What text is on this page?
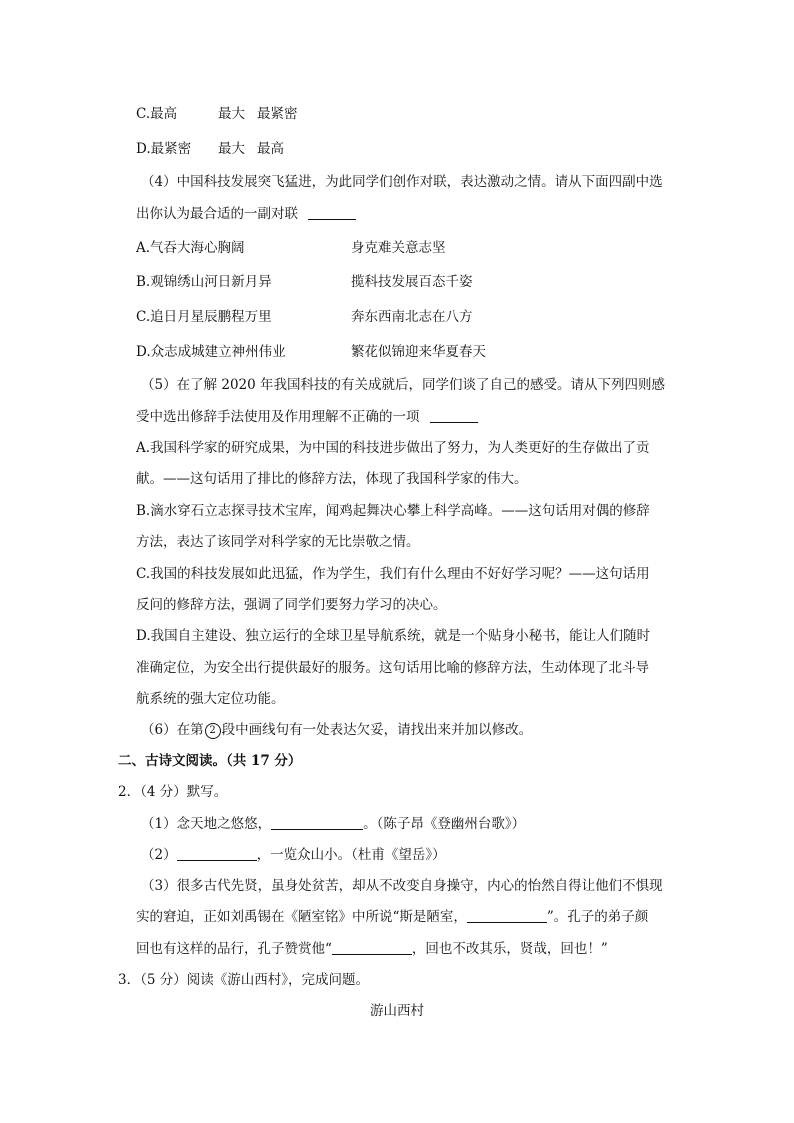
C.最高	最大 最紧密
D.最紧密 最大 最高
（4）中国科技发展突飞猛进，为此同学们创作对联，表达激动之情。请从下面四副中选
出你认为最合适的一副对联
A.气吞大海心胸阔	身克难关意志坚
B.观锦绣山河日新月异	揽科技发展百态千姿
C.追日月星辰鹏程万里	奔东西南北志在八方
D.众志成城建立神州伟业	繁花似锦迎来华夏春天
（5）在了解 2020 年我国科技的有关成就后，同学们谈了自己的感受。请从下列四则感
受中选出修辞手法使用及作用理解不正确的一项
A.我国科学家的研究成果，为中国的科技进步做出了努力，为人类更好的生存做出了贡
献。——这句话用了排比的修辞方法，体现了我国科学家的伟大。
B.滴水穿石立志探寻技术宝库，闻鸡起舞决心攀上科学高峰。——这句话用对偶的修辞
方法，表达了该同学对科学家的无比崇敬之情。
C.我国的科技发展如此迅猛，作为学生，我们有什么理由不好好学习呢？——这句话用
反问的修辞方法，强调了同学们要努力学习的决心。
D.我国自主建设、独立运行的全球卫星导航系统，就是一个贴身小秘书，能让人们随时
准确定位，为安全出行提供最好的服务。这句话用比喻的修辞方法，生动体现了北斗导
航系统的强大定位功能。
（6）在第 2 段中画线句有一处表达欠妥，请找出来并加以修改。
二、古诗文阅读。（共 17 分）
2．（4 分）默写。
（1）念天地之悠悠，	。（陈子昂《登幽州台歌》）
（2）	，一览众山小。（杜甫《望岳》）
（3）很多古代先贤，虽身处贫苦，却从不改变自身操守，内心的怡然自得让他们不惧现
实的窘迫，正如刘禹锡在《陋室铭》中所说“斯是陋室，	”。孔子的弟子颜
回也有这样的品行，孔子赞赏他“	，回也不改其乐，贤哉，回也！”
3．（5 分）阅读《游山西村》，完成问题。
游山西村
